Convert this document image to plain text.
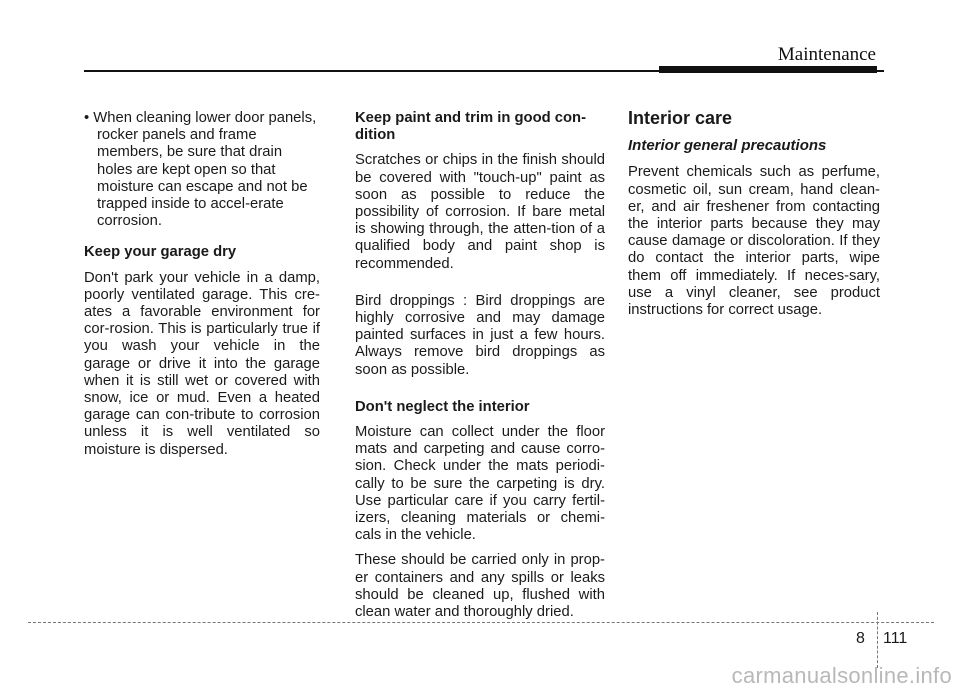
Maintenance

• When cleaning lower door panels, rocker panels and frame members, be sure that drain holes are kept open so that moisture can escape and not be trapped inside to accel-erate corrosion.

Keep your garage dry

Don't park your vehicle in a damp, poorly ventilated garage. This cre-ates a favorable environment for cor-rosion. This is particularly true if you wash your vehicle in the garage or drive it into the garage when it is still wet or covered with snow, ice or mud. Even a heated garage can con-tribute to corrosion unless it is well ventilated so moisture is dispersed.

Keep paint and trim in good con-dition

Scratches or chips in the finish should be covered with "touch-up" paint as soon as possible to reduce the possibility of corrosion. If bare metal is showing through, the atten-tion of a qualified body and paint shop is recommended.

Bird droppings : Bird droppings are highly corrosive and may damage painted surfaces in just a few hours. Always remove bird droppings as soon as possible.

Don't neglect the interior

Moisture can collect under the floor mats and carpeting and cause corro-sion. Check under the mats periodi-cally to be sure the carpeting is dry. Use particular care if you carry fertil-izers, cleaning materials or chemi-cals in the vehicle.

These should be carried only in prop-er containers and any spills or leaks should be cleaned up, flushed with clean water and thoroughly dried.

Interior care
Interior general precautions

Prevent chemicals such as perfume, cosmetic oil, sun cream, hand clean-er, and air freshener from contacting the interior parts because they may cause damage or discoloration. If they do contact the interior parts, wipe them off immediately. If neces-sary, use a vinyl cleaner, see product instructions for correct usage.

8 111
carmanualsonline.info
